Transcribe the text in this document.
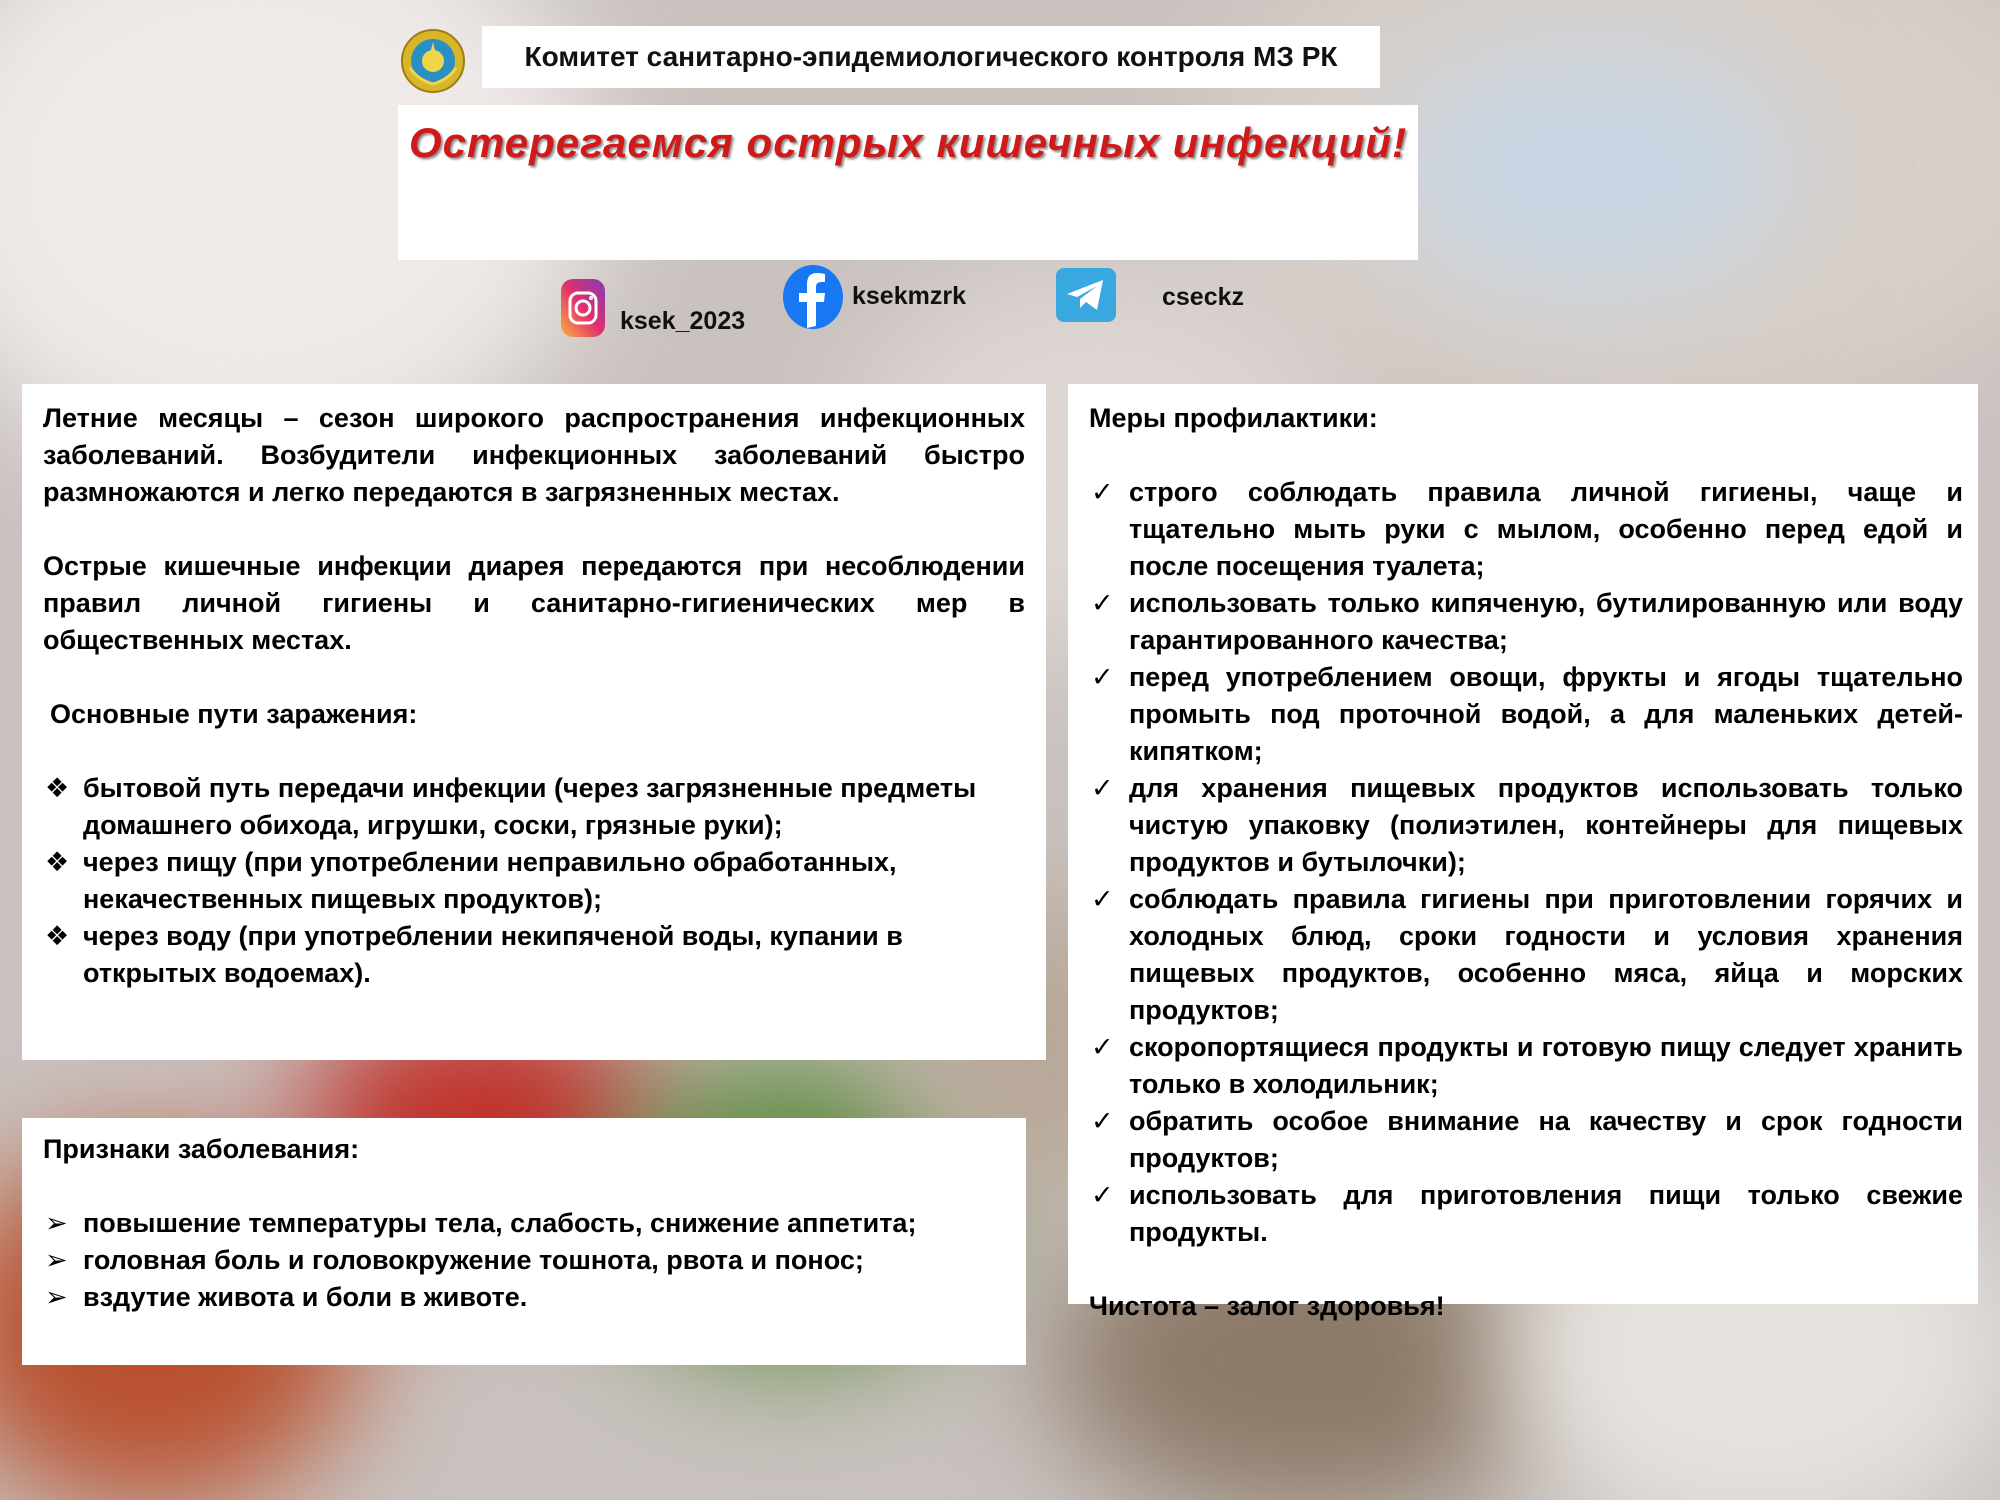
Комитет санитарно-эпидемиологического контроля МЗ РК
Остерегаемся острых кишечных инфекций!
ksek_2023
ksekmzrk	cseckz

Летние месяцы – сезон широкого распространения инфекционных заболеваний. Возбудители инфекционных заболеваний быстро размножаются и легко передаются в загрязненных местах.

Острые кишечные инфекции диарея передаются при несоблюдении правил личной гигиены и санитарно-гигиенических мер в общественных местах.

Основные пути заражения:

❖ бытовой путь передачи инфекции (через загрязненные предметы домашнего обихода, игрушки, соски, грязные руки);
❖ через пищу (при употреблении неправильно обработанных, некачественных пищевых продуктов);
❖ через воду (при употреблении некипяченой воды, купании в открытых водоемах).

Признаки заболевания:

➢ повышение температуры тела, слабость, снижение аппетита;
➢ головная боль и головокружение тошнота, рвота и понос;
➢ вздутие живота и боли в животе.

Меры профилактики:

✓ строго соблюдать правила личной гигиены, чаще и тщательно мыть руки с мылом, особенно перед едой и после посещения туалета;
✓ использовать только кипяченую, бутилированную или воду гарантированного качества;
✓ перед употреблением овощи, фрукты и ягоды тщательно промыть под проточной водой, а для маленьких детей- кипятком;
✓ для хранения пищевых продуктов использовать только чистую упаковку (полиэтилен, контейнеры для пищевых продуктов и бутылочки);
✓ соблюдать правила гигиены при приготовлении горячих и холодных блюд, сроки годности и условия хранения пищевых продуктов, особенно мяса, яйца и морских продуктов;
✓ скоропортящиеся продукты и готовую пищу следует хранить только в холодильник;
✓ обратить особое внимание на качеству и срок годности продуктов;
✓ использовать для приготовления пищи только свежие продукты.

Чистота – залог здоровья!
